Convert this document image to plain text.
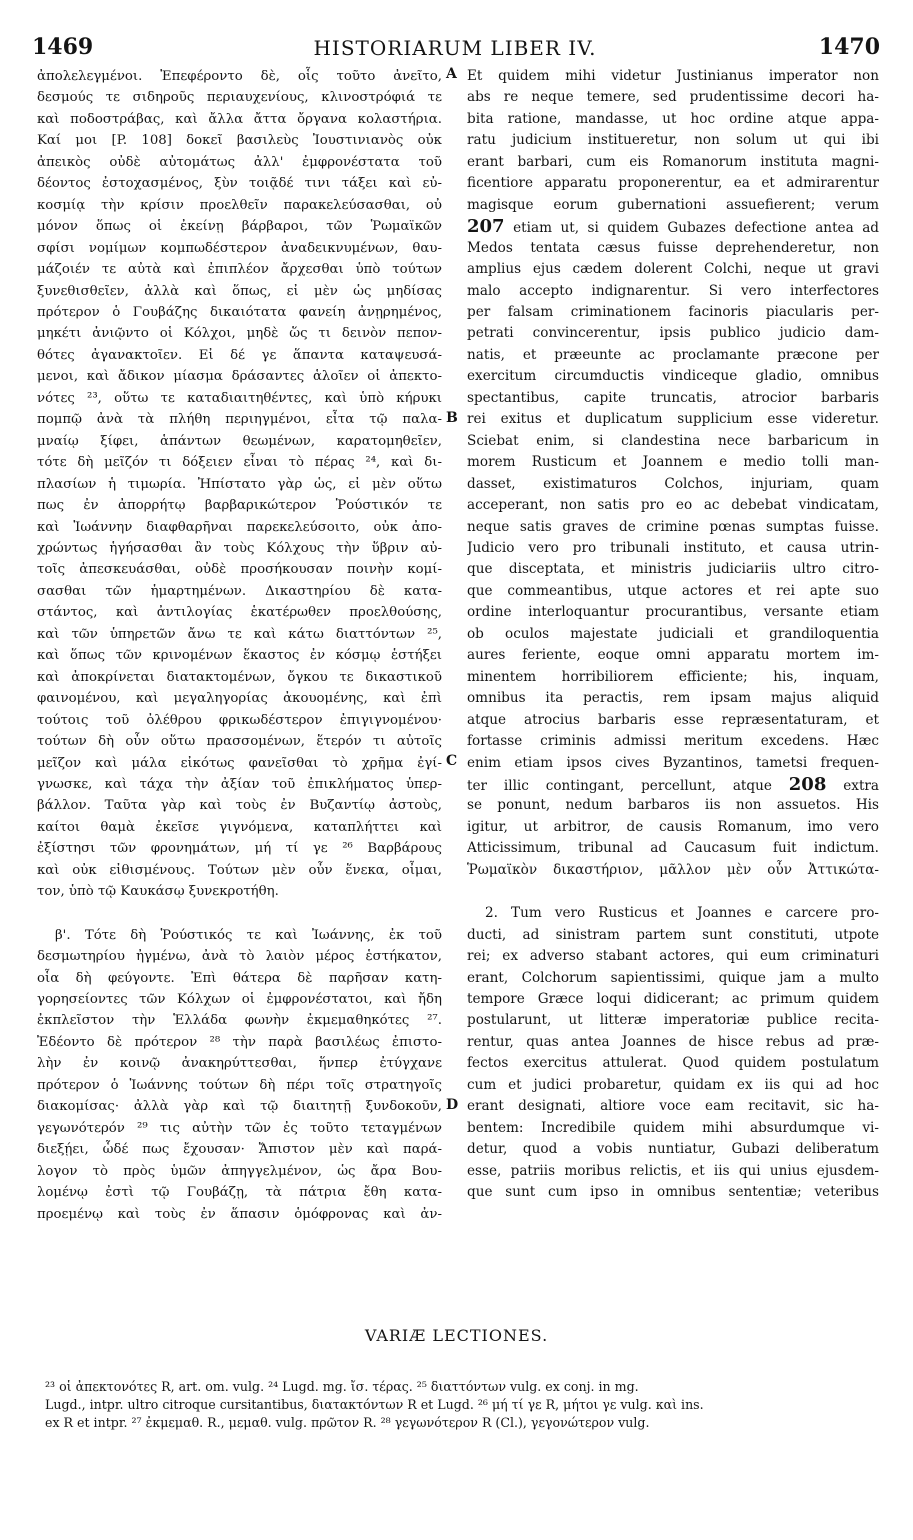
1469	HISTORIARUM LIBER IV.	1470
ἀπολελεγμένοι. Ἐπεφέροντο δὲ, οἷς τοῦτο ἀνεῖτο,
δεσμούς τε σιδηροῦς περιαυχενίους, κλινοστρόφιά τε
καὶ ποδοστράβας, καὶ ἄλλα ἄττα ὄργανα κολαστήρια.
Καί μοι [P. 108] δοκεῖ βασιλεὺς Ἰουστινιανὸς οὐκ
ἀπεικὸς οὐδὲ αὐτομάτως ἀλλ' ἐμφρονέστατα τοῦ
δέοντος ἐστοχασμένος, ξὺν τοιᾷδέ τινι τάξει καὶ εὐ-
κοσμίᾳ τὴν κρίσιν προελθεῖν παρακελεύσασθαι, οὐ
μόνον ὅπως οἱ ἐκείνῃ βάρβαροι, τῶν Ῥωμαϊκῶν
σφίσι νομίμων κομπωδέστερον ἀναδεικνυμένων, θαυ-
μάζοιέν τε αὐτὰ καὶ ἐπιπλέον ἄρχεσθαι ὑπὸ τούτων
ξυνεθισθεῖεν, ἀλλὰ καὶ ὅπως, εἰ μὲν ὡς μηδίσας
πρότερον ὁ Γουβάζης δικαιότατα φανείη ἀνῃρημένος,
μηκέτι ἀνιῷντο οἱ Κόλχοι, μηδὲ ὥς τι δεινὸν πεπον-
θότες ἀγανακτοῖεν. Εἰ δέ γε ἅπαντα καταψευσά-
μενοι, καὶ ἄδικον μίασμα δράσαντες ἁλοῖεν οἱ ἀπεκτο-
νότες ²³, οὕτω τε καταδιαιτηθέντες, καὶ ὑπὸ κήρυκι
πομπῷ ἀνὰ τὰ πλήθη περιηγμένοι, εἶτα τῷ παλα-
μναίῳ ξίφει, ἁπάντων θεωμένων, καρατομηθεῖεν,
τότε δὴ μεῖζόν τι δόξειεν εἶναι τὸ πέρας ²⁴, καὶ δι-
πλασίων ἡ τιμωρία. Ἠπίστατο γὰρ ὡς, εἰ μὲν οὕτω
πως ἐν ἀπορρήτῳ βαρβαρικώτερον Ῥούστικόν τε
καὶ Ἰωάννην διαφθαρῆναι παρεκελεύσοιτο, οὐκ ἀπο-
χρώντως ἡγήσασθαι ἂν τοὺς Κόλχους τὴν ὕβριν αὐ-
τοῖς ἀπεσκευάσθαι, οὐδὲ προσήκουσαν ποινὴν κομί-
σασθαι τῶν ἡμαρτημένων. Δικαστηρίου δὲ κατα-
στάντος, καὶ ἀντιλογίας ἑκατέρωθεν προελθούσης,
καὶ τῶν ὑπηρετῶν ἄνω τε καὶ κάτω διαττόντων ²⁵,
καὶ ὅπως τῶν κρινομένων ἕκαστος ἐν κόσμῳ ἑστήξει
καὶ ἀποκρίνεται διατακτομένων, ὄγκου τε δικαστικοῦ
φαινομένου, καὶ μεγαληγορίας ἀκουομένης, καὶ ἐπὶ
τούτοις τοῦ ὀλέθρου φρικωδέστερον ἐπιγιγνομένου·
τούτων δὴ οὖν οὕτω πρασσομένων, ἕτερόν τι αὐτοῖς
μεῖζον καὶ μάλα εἰκότως φανεῖσθαι τὸ χρῆμα ἐγί-
γνωσκε, καὶ τάχα τὴν ἀξίαν τοῦ ἐπικλήματος ὑπερ-
βάλλον. Ταῦτα γὰρ καὶ τοὺς ἐν Βυζαντίῳ ἀστοὺς,
καίτοι θαμὰ ἐκεῖσε γιγνόμενα, καταπλήττει καὶ
ἐξίστησι τῶν φρονημάτων, μή τί γε ²⁶ Βαρβάρους
καὶ οὐκ εἰθισμένους. Τούτων μὲν οὖν ἕνεκα, οἶμαι,
τον, ὑπὸ τῷ Καυκάσῳ ξυνεκροτήθη.
β'. Τότε δὴ Ῥούστικός τε καὶ Ἰωάννης, ἐκ τοῦ
δεσμωτηρίου ἠγμένω, ἀνὰ τὸ λαιὸν μέρος ἑστήκατον,
οἷα δὴ φεύγοντε. Ἐπὶ θάτερα δὲ παρῆσαν κατη-
γορησείοντες τῶν Κόλχων οἱ ἐμφρονέστατοι, καὶ ἤδη
ἐκπλεῖστον τὴν Ἑλλάδα φωνὴν ἐκμεμαθηκότες ²⁷.
Ἐδέοντο δὲ πρότερον ²⁸ τὴν παρὰ βασιλέως ἐπιστο-
λὴν ἐν κοινῷ ἀνακηρύττεσθαι, ἥνπερ ἐτύγχανε
πρότερον ὁ Ἰωάννης τούτων δὴ πέρι τοῖς στρατηγοῖς
διακομίσας· ἀλλὰ γὰρ καὶ τῷ διαιτητῇ ξυνδοκοῦν,
γεγωνότερόν ²⁹ τις αὐτὴν τῶν ἐς τοῦτο τεταγμένων
διεξῄει, ὧδέ πως ἔχουσαν· Ἄπιστον μὲν καὶ παρά-
λογον τὸ πρὸς ὑμῶν ἀπηγγελμένον, ὡς ἄρα Βου-
λομένῳ ἐστὶ τῷ Γουβάζῃ, τὰ πάτρια ἔθη κατα-
προεμένῳ καὶ τοὺς ἐν ἅπασιν ὁμόφρονας καὶ ἀν-
A
B
C
D
Et quidem mihi videtur Justinianus imperator non
abs re neque temere, sed prudentissime decori ha-
bita ratione, mandasse, ut hoc ordine atque appa-
ratu judicium institueretur, non solum ut qui ibi
erant barbari, cum eis Romanorum instituta magni-
ficentiore apparatu proponerentur, ea et admirarentur
magisque eorum gubernationi assuefierent; verum
207 etiam ut, si quidem Gubazes defectione antea ad
Medos tentata cæsus fuisse deprehenderetur, non
amplius ejus cædem dolerent Colchi, neque ut gravi
malo accepto indignarentur. Si vero interfectores
per falsam criminationem facinoris piacularis per-
petrati convincerentur, ipsis publico judicio dam-
natis, et præeunte ac proclamante præcone per
exercitum circumductis vindiceque gladio, omnibus
spectantibus, capite truncatis, atrocior barbaris
rei exitus et duplicatum supplicium esse videretur.
Sciebat enim, si clandestina nece barbaricum in
morem Rusticum et Joannem e medio tolli man-
dasset, existimaturos Colchos, injuriam, quam
acceperant, non satis pro eo ac debebat vindicatam,
neque satis graves de crimine pœnas sumptas fuisse.
Judicio vero pro tribunali instituto, et causa utrin-
que disceptata, et ministris judiciariis ultro citro-
que commeantibus, utque actores et rei apte suo
ordine interloquantur procurantibus, versante etiam
ob oculos majestate judiciali et grandiloquentia
aures feriente, eoque omni apparatu mortem im-
minentem horribiliorem efficiente; his, inquam,
omnibus ita peractis, rem ipsam majus aliquid
atque atrocius barbaris esse repræsentaturam, et
fortasse criminis admissi meritum excedens. Hæc
enim etiam ipsos cives Byzantinos, tametsi frequen-
ter illic contingant, percellunt, atque 208 extra
se ponunt, nedum barbaros iis non assuetos. His
igitur, ut arbitror, de causis Romanum, imo vero
Atticissimum, tribunal ad Caucasum fuit indictum.
Ῥωμαϊκὸν δικαστήριον, μᾶλλον μὲν οὖν Ἀττικώτα-
2. Tum vero Rusticus et Joannes e carcere pro-
ducti, ad sinistram partem sunt constituti, utpote
rei; ex adverso stabant actores, qui eum criminaturi
erant, Colchorum sapientissimi, quique jam a multo
tempore Græce loqui didicerant; ac primum quidem
postularunt, ut litteræ imperatoriæ publice recita-
rentur, quas antea Joannes de hisce rebus ad præ-
fectos exercitus attulerat. Quod quidem postulatum
cum et judici probaretur, quidam ex iis qui ad hoc
erant designati, altiore voce eam recitavit, sic ha-
bentem: Incredibile quidem mihi absurdumque vi-
detur, quod a vobis nuntiatur, Gubazi deliberatum
esse, patriis moribus relictis, et iis qui unius ejusdem-
que sunt cum ipso in omnibus sententiæ; veteribus
VARIÆ LECTIONES.
²³ οἱ ἀπεκτονότες R, art. om. vulg. ²⁴ Lugd. mg. ἴσ. τέρας. ²⁵ διαττόντων vulg. ex conj. in mg.
Lugd., intpr. ultro citroque cursitantibus, διατακτόντων R et Lugd. ²⁶ μή τί γε R, μήτοι γε vulg. καὶ ins.
ex R et intpr. ²⁷ ἐκμεμαθ. R., μεμαθ. vulg. πρῶτον R. ²⁸ γεγωνότερον R (Cl.), γεγονώτερον vulg.
